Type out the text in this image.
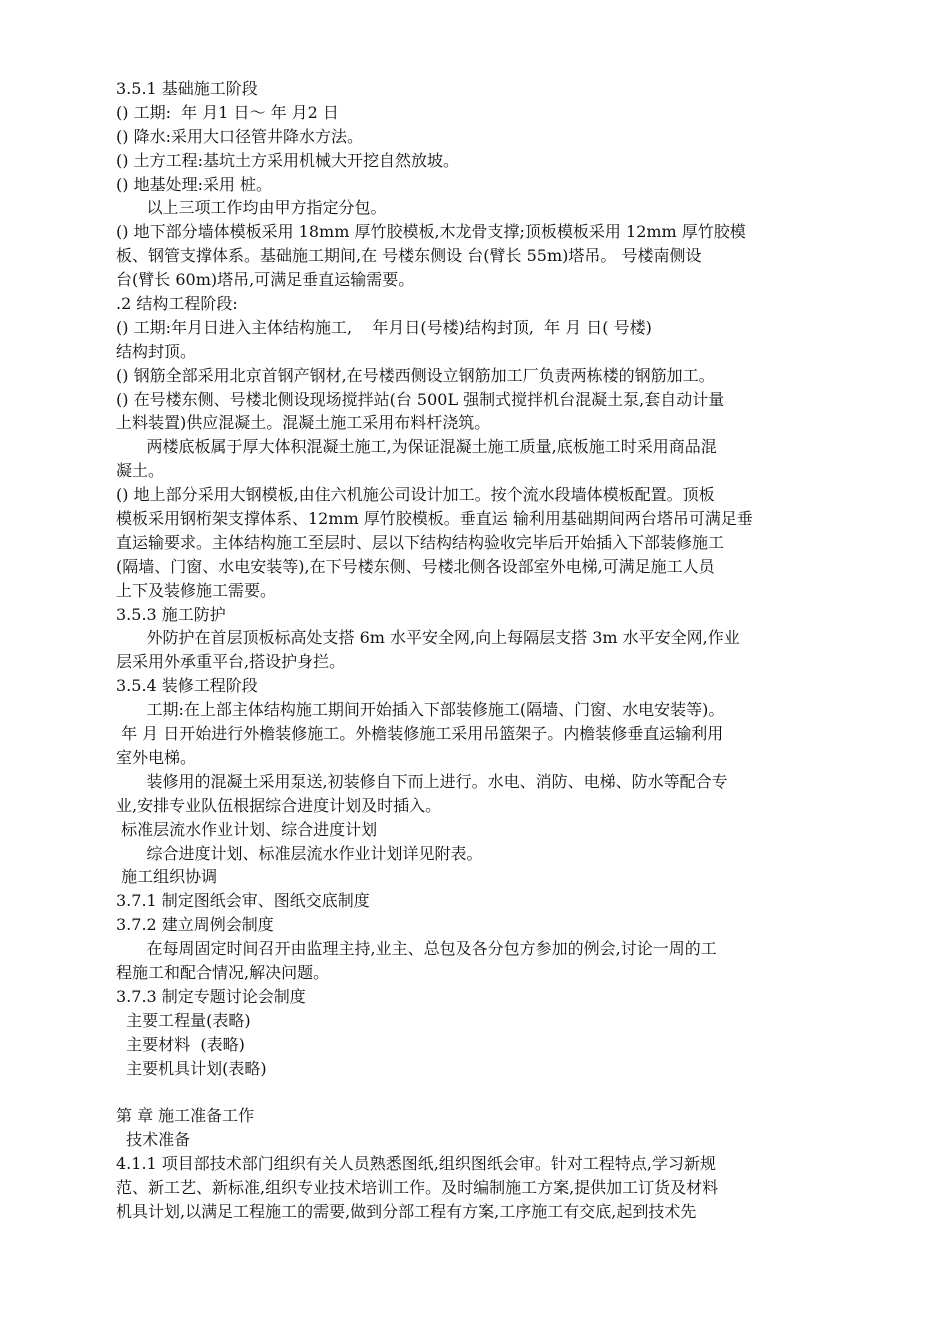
3.5.1 基础施工阶段
() 工期:  年 月1 日～ 年 月2 日
() 降水:采用大口径管井降水方法。
() 土方工程:基坑土方采用机械大开挖自然放坡。
() 地基处理:采用 桩。
以上三项工作均由甲方指定分包。
() 地下部分墙体模板采用 18mm 厚竹胶模板,木龙骨支撑;顶板模板采用 12mm 厚竹胶模
板、钢管支撑体系。基础施工期间,在 号楼东侧设 台(臂长 55m)塔吊。 号楼南侧设
台(臂长 60m)塔吊,可满足垂直运输需要。
.2 结构工程阶段:
() 工期:年月日进入主体结构施工,    年月日(号楼)结构封顶,  年 月 日( 号楼)
结构封顶。
() 钢筋全部采用北京首钢产钢材,在号楼西侧设立钢筋加工厂负责两栋楼的钢筋加工。
() 在号楼东侧、号楼北侧设现场搅拌站(台 500L 强制式搅拌机台混凝土泵,套自动计量
上料装置)供应混凝土。混凝土施工采用布料杆浇筑。
两楼底板属于厚大体积混凝土施工,为保证混凝土施工质量,底板施工时采用商品混
凝土。
() 地上部分采用大钢模板,由住六机施公司设计加工。按个流水段墙体模板配置。顶板
模板采用钢桁架支撑体系、12mm 厚竹胶模板。垂直运 输利用基础期间两台塔吊可满足垂
直运输要求。主体结构施工至层时、层以下结构结构验收完毕后开始插入下部装修施工
(隔墙、门窗、水电安装等),在下号楼东侧、号楼北侧各设部室外电梯,可满足施工人员
上下及装修施工需要。
3.5.3 施工防护
外防护在首层顶板标高处支搭 6m 水平安全网,向上每隔层支搭 3m 水平安全网,作业
层采用外承重平台,搭设护身拦。
3.5.4 装修工程阶段
工期:在上部主体结构施工期间开始插入下部装修施工(隔墙、门窗、水电安装等)。
年 月 日开始进行外檐装修施工。外檐装修施工采用吊篮架子。内檐装修垂直运输利用
室外电梯。
装修用的混凝土采用泵送,初装修自下而上进行。水电、消防、电梯、防水等配合专
业,安排专业队伍根据综合进度计划及时插入。
标准层流水作业计划、综合进度计划
综合进度计划、标准层流水作业计划详见附表。
施工组织协调
3.7.1 制定图纸会审、图纸交底制度
3.7.2 建立周例会制度
在每周固定时间召开由监理主持,业主、总包及各分包方参加的例会,讨论一周的工
程施工和配合情况,解决问题。
3.7.3 制定专题讨论会制度
主要工程量(表略)
主要材料  (表略)
主要机具计划(表略)
第 章 施工准备工作
技术准备
4.1.1 项目部技术部门组织有关人员熟悉图纸,组织图纸会审。针对工程特点,学习新规
范、新工艺、新标准,组织专业技术培训工作。及时编制施工方案,提供加工订货及材料
机具计划,以满足工程施工的需要,做到分部工程有方案,工序施工有交底,起到技术先
